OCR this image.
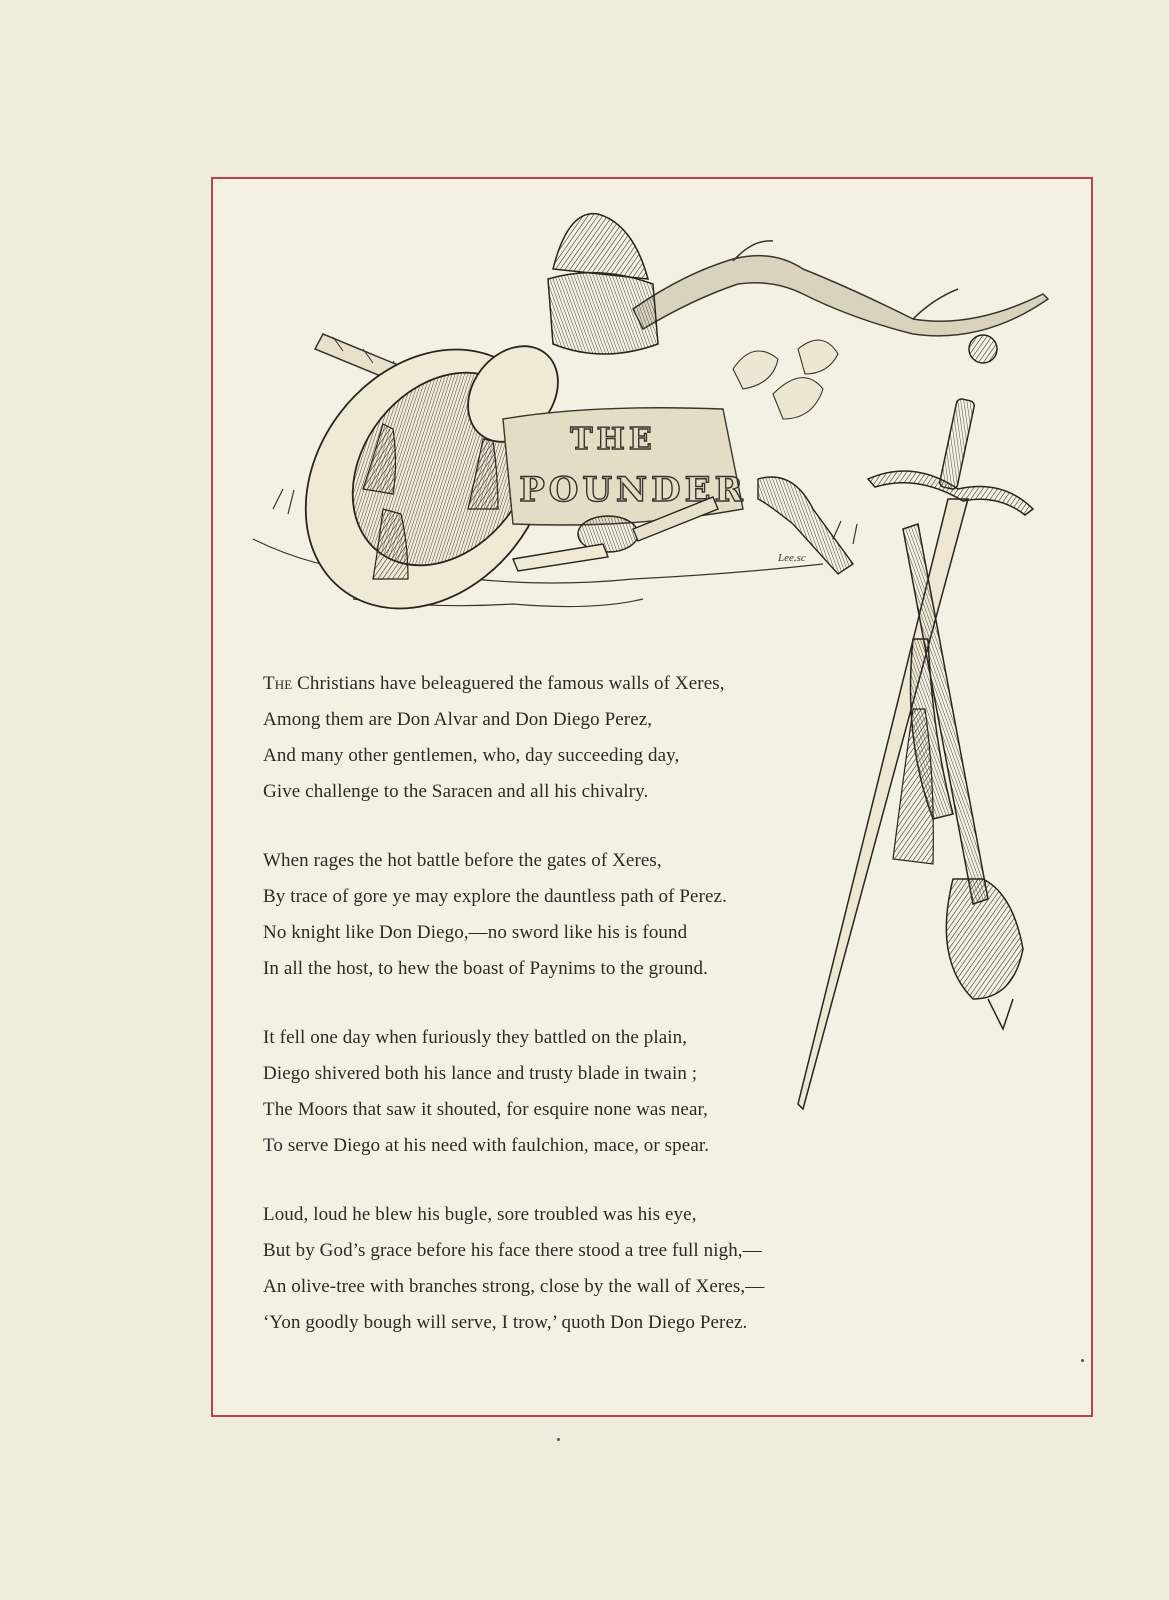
THE
POUNDER
Lee.sc
The Christians have beleaguered the famous walls of Xeres,
Among them are Don Alvar and Don Diego Perez,
And many other gentlemen, who, day succeeding day,
Give challenge to the Saracen and all his chivalry.
When rages the hot battle before the gates of Xeres,
By trace of gore ye may explore the dauntless path of Perez.
No knight like Don Diego,—no sword like his is found
In all the host, to hew the boast of Paynims to the ground.
It fell one day when furiously they battled on the plain,
Diego shivered both his lance and trusty blade in twain ;
The Moors that saw it shouted, for esquire none was near,
To serve Diego at his need with faulchion, mace, or spear.
Loud, loud he blew his bugle, sore troubled was his eye,
But by God’s grace before his face there stood a tree full nigh,—
An olive-tree with branches strong, close by the wall of Xeres,—
‘Yon goodly bough will serve, I trow,’ quoth Don Diego Perez.
